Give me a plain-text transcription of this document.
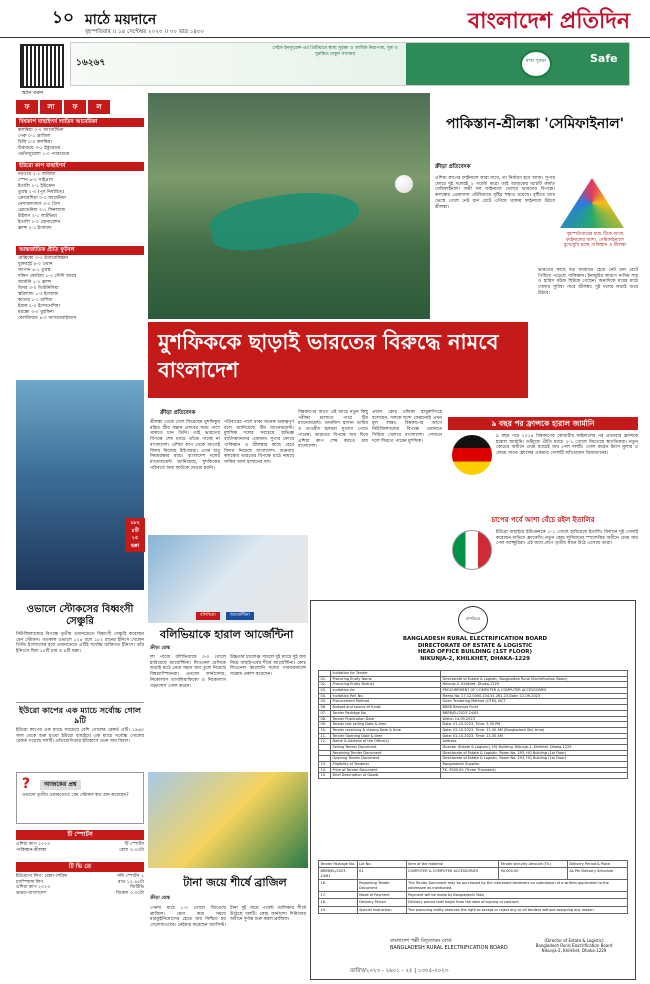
১০ মাঠে ময়দানে
বৃহস্পতিবার ।। ১৪ সেপ্টেম্বর ২০২৩ ।। ৩০ ভাদ্র ১৪৩০	বাংলাদেশ প্রতিদিন
স্ক্যান করুন
১৬২৬৭
সেইফ ইনস্যুরেন্স-এর প্রিমিয়ামে স্বাস্থ্য সুরক্ষা ও আর্থিক নিরাপত্তা, সুস্থ ও সুরক্ষিত থাকুন সবসময়
স্বাস্থ্য সুরক্ষা	Safe
ফ	লা	ফ	ল
বিশ্বকাপ বাছাইপর্ব লাতিন আমেরিকা
কলম্বিয়া ০-০ আর্জেন্টিনা
পেরু ০-১ ব্রাজিল
চিলি ০-০ কলম্বিয়া
উরুগুয়ে ৩-১ ইকুয়েডর
ভেনিজুয়েলা ১-০ প্যারাগুয়ে
ইউরো কাপ বাছাইপর্ব
নরওয়ে ২-১ জর্জিয়া
স্পেন ৬-০ সাইপ্রাস
ইতালি ২-১ ইউক্রেন
তুরস্ক ২-৩ (পূর্ণ নির্ধারিত)
ক্রোয়েশিয়া ০-০ আর্মেনিয়া
নেদারল্যান্ডস ৩-০ গ্রিস
স্লোভেনিয়া ৩-১ ফিনল্যান্ড
উইলস ২-১ লাটভিয়া
ইতালি ১-০ জেনারেশন
ফ্রান্স ২-১ ইংল্যান্ড
আন্তর্জাতিক প্রীতি ফুটবল
মেক্সিকো ৩-৩ উজবেকিস্তান
যুক্তরাষ্ট্র ৪-০ ওমান
জাপান ৪-১ তুরস্ক
দক্ষিণ কোরিয়া ১-০ সৌদি আরব
জার্মানি ১-২ ফ্রান্স
মিসর ৩-০ তিউনিসিয়া
স্কটল্যান্ড ১-৩ ইংল্যান্ড
কাতার ১-১ রাশিয়া
ইরাক ২-০ ইন্দোনেশিয়া
মরক্কো ৩-০ বুরকিনা
বেলজিয়াম ৪-০ আজারবাইজান
১৮২
৪টি
১৫
ছক্কা
ওভালে স্টোকসের বিধ্বংসী সেঞ্চুরি
নিউজিল্যান্ডের বিপক্ষে তৃতীয় ওয়ানডেতে বিধ্বংসী সেঞ্চুরি করেছেন বেন স্টোকস। গতকাল ওভালে ১২৪ বলে ১৮২ রানের ইনিংস খেলেন তিনি। ইংল্যান্ডের হয়ে ওয়ানডেতে এটিই সর্বোচ্চ ব্যক্তিগত ইনিংস। তাঁর ইনিংসে ছিল ১৫টি চার ও ৯টি ছক্কা।
ইউরো কাপের এক ম্যাচে সর্বোচ্চ গোল ৯টি
ইউরো কাপের এক ম্যাচে সবচেয়ে বেশি গোলের রেকর্ড এটি। ১৯৬০ সাল থেকে শুরু হওয়া ইউরো বাছাইয়ে এক ম্যাচে সর্বোচ্চ গোলের রেকর্ড গড়েছে দলটি। প্রতিযোগিতার ইতিহাসে এমন জয় বিরল।
?	আজকের প্রশ্ন
ওভালে তৃতীয় ওয়ানডেতে বেন স্টোকস কত রান করেছেন?
টি স্পোর্টস
এশিয়া কাপ ২০২৩	টি স্পোর্টস
পাকিস্তান-শ্রীলঙ্কা	বেলা ৩.৩০টা
টি ভি তে
ইউরোপা লিগ: রোমা-শেরিফ	সনি স্পোর্টস ২
চ্যাম্পিয়ন্স লিগ	রাত ১২.৪৫টা
এশিয়া কাপ ২০২৩	জিটিভি
ভারত-বাংলাদেশ	বিকেল ৩.৩০টা
পাকিস্তান-শ্রীলঙ্কা 'সেমিফাইনাল'
ক্রীড়া প্রতিবেদক
বৃহস্পতিবারের ম্যাচ টিকে আছে ফাইনালের আশা, সেমিফাইনালে মুখোমুখি হচ্ছে পাকিস্তান ও শ্রীলঙ্কা
এশিয়া কাপের ফাইনালে কারা যাবে, তা নির্ধারণ হবে আজ। সুপার ফোরে দুই দলেরই ২ পয়েন্ট করে। তাই আজকের ম্যাচটি কার্যত সেমিফাইনাল। জয়ী দল ফাইনালে খেলবে ভারতের বিপক্ষে। কলম্বোর প্রেমাদাসা স্টেডিয়ামে বৃষ্টির শঙ্কাও রয়েছে। বৃষ্টিতে ম্যাচ ভেস্তে গেলে নেট রান রেটে এগিয়ে থাকায় ফাইনালে উঠবে শ্রীলঙ্কা।
ভারতের কাছে বড় ব্যবধানে হেরে নেট রান রেটে পিছিয়ে পড়েছে পাকিস্তান। ইনজুরির কারণে নাসিম শাহ ও হারিস রউফ ছিটকে গেছেন। অন্যদিকে ঘরের মাঠে খেলার সুবিধা পাবে শ্রীলঙ্কা। দুই দলের লড়াই জমে উঠবে।
মুশফিককে ছাড়াই ভারতের বিরুদ্ধে নামবে বাংলাদেশ
ক্রীড়া প্রতিবেদক
শ্রীলঙ্কা থেকে দেশে ফিরেছেন মুশফিকুর রহিম। স্ত্রীর সন্তান প্রসবের সময় পাশে থাকতে চান তিনি। তাই ভারতের বিপক্ষে শেষ ম্যাচে তাঁকে পাচ্ছে না বাংলাদেশ। এশিয়া কাপ থেকে আগেই বিদায় নিয়েছে টাইগাররা। এখন শুধু নিয়মরক্ষার ম্যাচ। বাংলাদেশ দলের ম্যানেজমেন্ট জানিয়েছে, মুশফিকের পরিবর্তে অন্য কাউকে নেওয়া হয়নি।
পরিবারের পাশে থাকা অনেক গুরুত্বপূর্ণ বলে জানিয়েছে টিম ম্যানেজমেন্ট। মুশফিক দলের সবচেয়ে অভিজ্ঞ ব্যাটসম্যানদের একজন। সুপার ফোরে পাকিস্তান ও শ্রীলঙ্কার কাছে হেরে বিদায় নিয়েছে বাংলাদেশ। শুক্রবার কলম্বোয় ভারতের বিপক্ষে মাঠে নামবে সাকিব আল হাসানের দল।
বিশ্বকাপের আগে এই ম্যাচে নতুন কিছু পরীক্ষা চালাতে পারে টিম ম্যানেজমেন্ট। তানজিদ হাসান তামিম ও তাওহীদ হৃদয়রা সুযোগ পেতে পারেন। ভারতের বিপক্ষে জয় দিয়ে এশিয়া কাপ শেষ করতে চায় বাংলাদেশ।
প্রধান কোচ চন্ডিকা হাথুরুসিংহে বলেছেন, দলকে ছন্দে ফেরানোই এখন মূল লক্ষ্য। বিশ্বকাপের আগে নিউজিল্যান্ডের বিপক্ষে ওয়ানডে সিরিজ খেলবে বাংলাদেশ। সেখানে দলে ফিরতে পারেন মুশফিক।
৯ বছর পর ফ্রান্সকে হারাল জার্মানি
৯ বছর পরে ২০১৪ বিশ্বকাপের কোয়ার্টার ফাইনালের পর প্রথমবার ফ্রান্সকে হারাল জার্মানি। ডর্টমুন্ডে প্রীতি ম্যাচে ২-১ গোলে জিতেছে স্বাগতিকরা। নতুন কোচের অধীনে প্রথম ম্যাচেই জয় পেল দলটি। গোল করেন টমাস মুলার ও লেরয় সানে। ফ্রান্সের একমাত্র গোলটি আঁতোয়ান গ্রিজম্যানের।
চাপের পর্বে আশা বেঁচে রইল ইতালির
ইউরো বাছাইয়ে ইউক্রেনকে ২-১ গোলে হারিয়েছে ইতালি। মিলানে দুই গোলই করেছেন দাভিদে ফ্রাত্তেসি। নতুন কোচ লুসিয়ানো স্পালেত্তির অধীনে প্রথম জয় পেল আজ্জুরিরা। এই জয়ে গ্রুপে তৃতীয় স্থানে উঠে এসেছে তারা।
বলিভিয়া	আর্জেন্টিনা
বলিভিয়াকে হারাল আর্জেন্টিনা
ক্রীড়া ডেস্ক
লা পাজে বলিভিয়াকে ৩-০ গোলে হারিয়েছে আর্জেন্টিনা। লিওনেল মেসিকে ছাড়াই মাঠে নেমে সহজ জয় তুলে নিয়েছে বিশ্বচ্যাম্পিয়নরা। এনজো ফার্নান্দেজ, নিকোলাস তাগলিয়াফিকো ও নিকোলাস গঞ্জালেস গোল করেন।
উচ্চতার চ্যালেঞ্জ সামলে দুই ম্যাচে দুই জয় নিয়ে বাছাইপর্বের শীর্ষে আর্জেন্টিনা। কোচ লিওনেল স্কালোনি দলের পারফরম্যান্সে সন্তোষ প্রকাশ করেছেন।
টানা জয়ে শীর্ষে ব্রাজিল
ক্রীড়া ডেস্ক
পেরুর মাঠে ১-০ গোলে জিতেছে ব্রাজিল। যোগ করা সময়ে মারকুইনিয়োসের হেডে জয় নিশ্চিত হয় সেলেসাওদের। নেইমার করেছেন অ্যাসিস্ট।
টানা দুই জয়ে পয়েন্ট তালিকার শীর্ষে উঠেছে দলটি। কোচ ফার্নান্দো দিনিজের অধীনে দুর্দান্ত শুরু করল ব্রাজিল।
বাপবিবো
BANGLADESH RURAL ELECTRIFICATION BOARD
DIRECTORATE OF ESTATE & LOGISTIC
HEAD OFFICE BUILDING (1ST FLOOR)
NIKUNJA-2, KHILKHET, DHAKA-1229
	Invitation for Tender	
01.	Procuring Entity Name	Directorate of Estate & Logistic, Bangladesh Rural Electrification Board,
02.	Procuring Entity District	Nikunja-2, Khilkhet, Dhaka-1229
03.	Invitation for	PROCUREMENT OF COMPUTER & COMPUTER ACCESSORIES
04.	Invitation Ref. No.	Memo No. 27.12.0000.104.51.261.23.Date: 12-09-2023
05.	Procurement Method	Open Tendering Method (OTM), NCT
06.	Budget and source of funds	BREB Revenue Fund
07.	Tender Package No.	BREB/EL/2023-24/61
08.	Tender Publication Date	Within 14.09.2023
09.	Tender last selling Date & time	Date: 01.10.2023, Time: 3.30 PM
10.	Tender receiving & closing Date & time	Date: 02.10.2023, Time: 11.00 AM (Bangladesh Std. time)
11.	Tender Opening Date & time	Date: 02.10.2023, Time: 11.30 AM
12.	Name & Address of the Office(s)	Address
	Selling Tender Document	Director (Estate & Logistic), HQ Building, Nikunja-2, Khilkhet, Dhaka-1229
	Receiving Tender Document	Directorate of Estate & Logistic, Room No. 293, HQ Building (1st Floor)
	Opening Tender Document	Directorate of Estate & Logistic, Room No. 293, HQ Building (1st Floor)
13.	Eligibility of Tenderer	Bangladeshi Supplier
14.	Price of Tender Document	TK. 3000.00 (Three Thousand)
15.	Brief Description of Goods	
Tender Package No.	Lot No.	Item of the material	Tender security Amount (Tk.)	Delivery Period & Place
BREB/EL/2023-24/61	01	COMPUTER & COMPUTER ACCESSORIES	90,000.00	As Per Delivery Schedule
16.	Regarding Tender Document	The Tender Document may be purchased by the interested tenderers on submission of a written application to the addressee as mentioned.		
17.	Mode of Payment	Payment will be made by Bangladeshi Taka		
18.	Delivery Period	Delivery period shall begin from the date of signing of contract.		
19.	Special Instruction	The procuring entity reserves the right to accept or reject any or all tenders without assigning any reason.		
বাংলাদেশ পল্লী বিদ্যুতায়ন বোর্ড
BANGLADESH RURAL ELECTRIFICATION BOARD
(Director of Estate & Logistic)
Bangladesh Rural Electrification Board
Nikunja-2, Khilkhet, Dhaka-1229
তারিখ/২০২৩ - ২৬০১ - ২৫ | ১৩০৫-২০২৩
